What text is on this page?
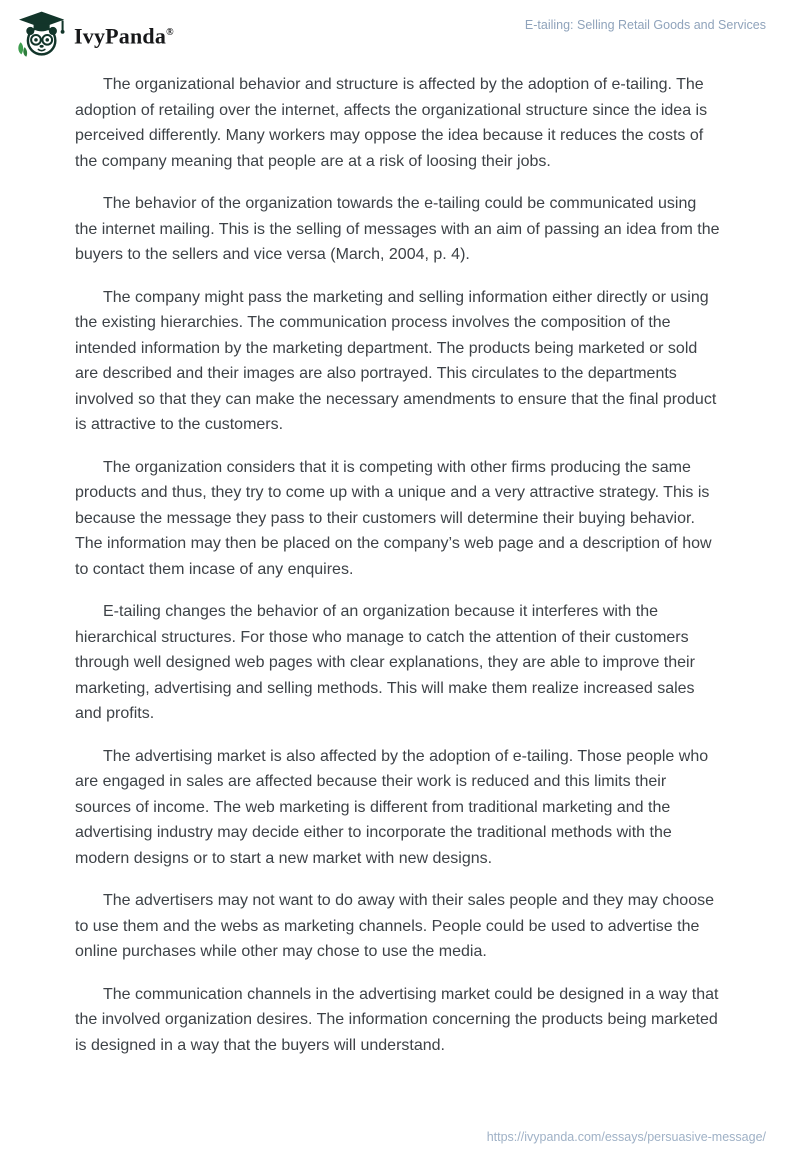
IvyPanda®
E-tailing: Selling Retail Goods and Services

The organizational behavior and structure is affected by the adoption of e-tailing. The adoption of retailing over the internet, affects the organizational structure since the idea is perceived differently. Many workers may oppose the idea because it reduces the costs of the company meaning that people are at a risk of loosing their jobs.

The behavior of the organization towards the e-tailing could be communicated using the internet mailing. This is the selling of messages with an aim of passing an idea from the buyers to the sellers and vice versa (March, 2004, p. 4).

The company might pass the marketing and selling information either directly or using the existing hierarchies. The communication process involves the composition of the intended information by the marketing department. The products being marketed or sold are described and their images are also portrayed. This circulates to the departments involved so that they can make the necessary amendments to ensure that the final product is attractive to the customers.

The organization considers that it is competing with other firms producing the same products and thus, they try to come up with a unique and a very attractive strategy. This is because the message they pass to their customers will determine their buying behavior. The information may then be placed on the company’s web page and a description of how to contact them incase of any enquires.

E-tailing changes the behavior of an organization because it interferes with the hierarchical structures. For those who manage to catch the attention of their customers through well designed web pages with clear explanations, they are able to improve their marketing, advertising and selling methods. This will make them realize increased sales and profits.

The advertising market is also affected by the adoption of e-tailing. Those people who are engaged in sales are affected because their work is reduced and this limits their sources of income. The web marketing is different from traditional marketing and the advertising industry may decide either to incorporate the traditional methods with the modern designs or to start a new market with new designs.

The advertisers may not want to do away with their sales people and they may choose to use them and the webs as marketing channels. People could be used to advertise the online purchases while other may chose to use the media.

The communication channels in the advertising market could be designed in a way that the involved organization desires. The information concerning the products being marketed is designed in a way that the buyers will understand.

https://ivypanda.com/essays/persuasive-message/
